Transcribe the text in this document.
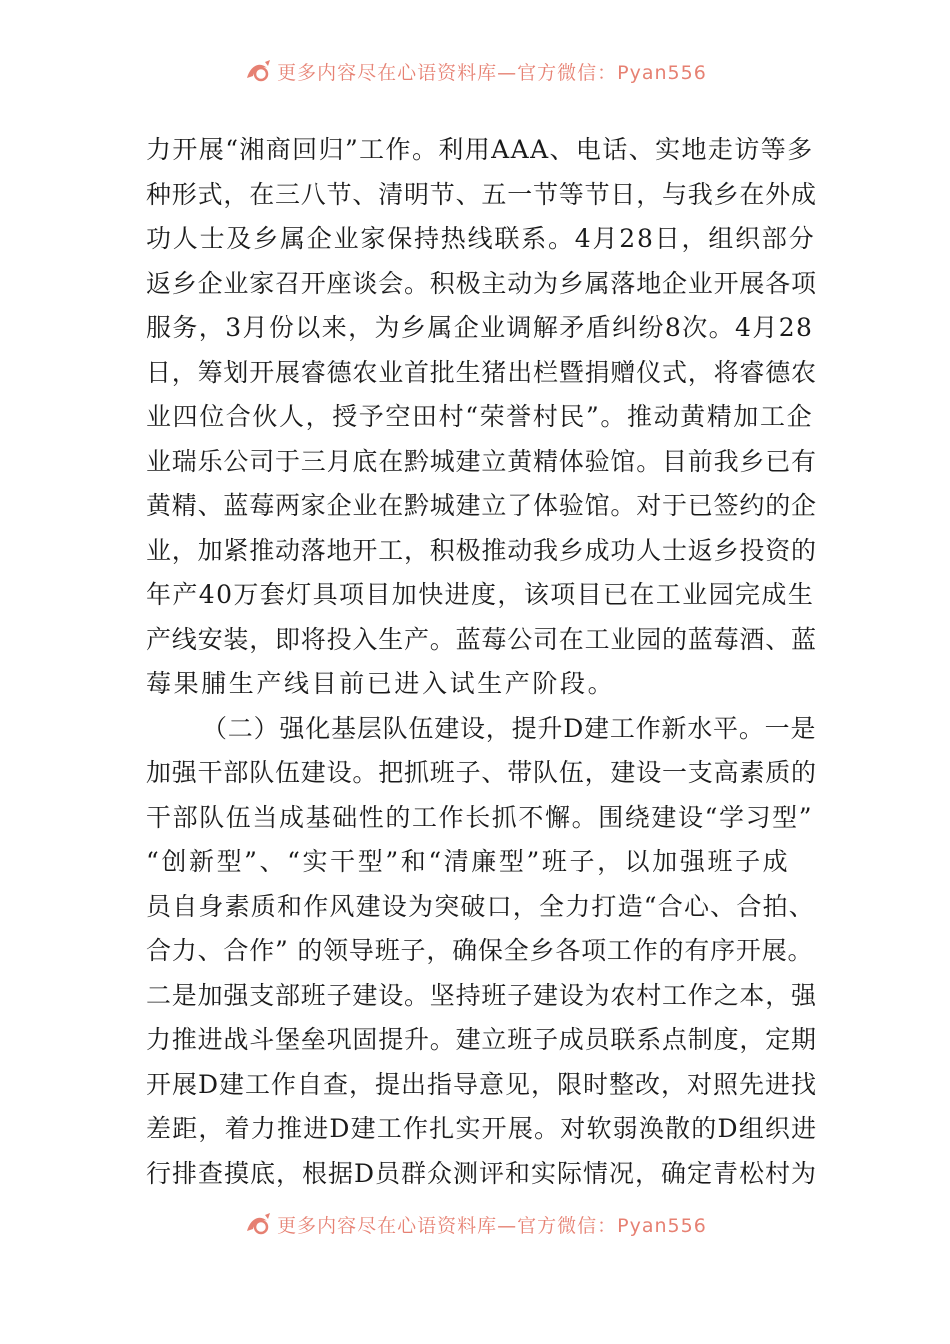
更多内容尽在心语资料库—官方微信：Pyan556
力开展“湘商回归”工作。利用AAA、电话、实地走访等多
种形式，在三八节、清明节、五一节等节日，与我乡在外成
功人士及乡属企业家保持热线联系。4月28日，组织部分
返乡企业家召开座谈会。积极主动为乡属落地企业开展各项
服务，3月份以来，为乡属企业调解矛盾纠纷8次。4月28
日，筹划开展睿德农业首批生猪出栏暨捐赠仪式，将睿德农
业四位合伙人，授予空田村“荣誉村民”。推动黄精加工企
业瑞乐公司于三月底在黔城建立黄精体验馆。目前我乡已有
黄精、蓝莓两家企业在黔城建立了体验馆。对于已签约的企
业，加紧推动落地开工，积极推动我乡成功人士返乡投资的
年产40万套灯具项目加快进度，该项目已在工业园完成生
产线安装，即将投入生产。蓝莓公司在工业园的蓝莓酒、蓝
莓果脯生产线目前已进入试生产阶段。
（二）强化基层队伍建设，提升D建工作新水平。一是
加强干部队伍建设。把抓班子、带队伍，建设一支高素质的
干部队伍当成基础性的工作长抓不懈。围绕建设“学习型”
“创新型”、“实干型”和“清廉型”班子，以加强班子成
员自身素质和作风建设为突破口，全力打造“合心、合拍、
合力、合作” 的领导班子，确保全乡各项工作的有序开展。
二是加强支部班子建设。坚持班子建设为农村工作之本，强
力推进战斗堡垒巩固提升。建立班子成员联系点制度，定期
开展D建工作自查，提出指导意见，限时整改，对照先进找
差距，着力推进D建工作扎实开展。对软弱涣散的D组织进
行排查摸底，根据D员群众测评和实际情况，确定青松村为
更多内容尽在心语资料库—官方微信：Pyan556
